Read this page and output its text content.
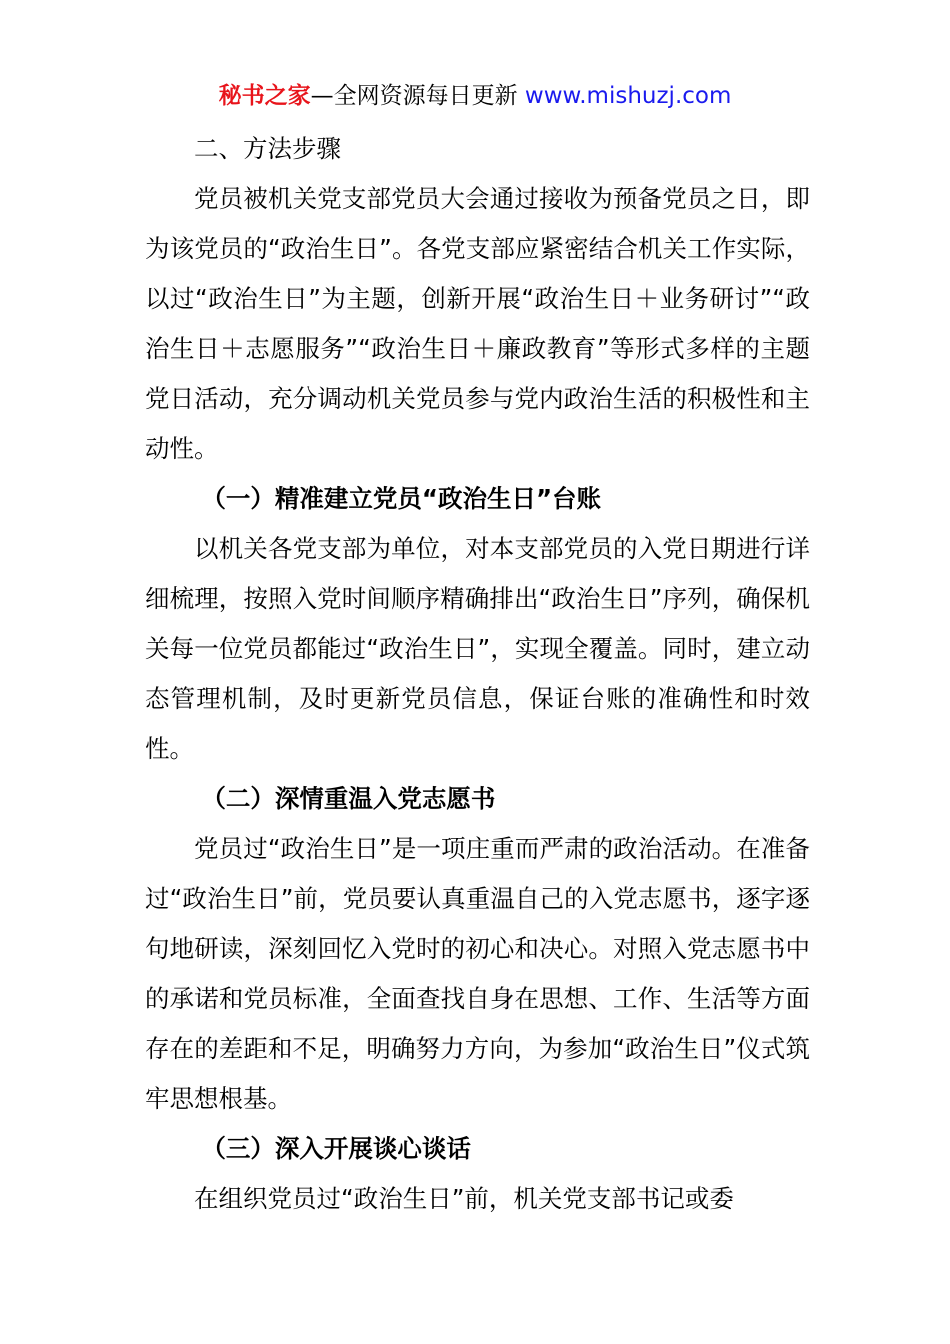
秘书之家—全网资源每日更新 www.mishuzj.com

二、方法步骤

党员被机关党支部党员大会通过接收为预备党员之日，即为该党员的“政治生日”。各党支部应紧密结合机关工作实际，以过“政治生日”为主题，创新开展“政治生日＋业务研讨”“政治生日＋志愿服务”“政治生日＋廉政教育”等形式多样的主题党日活动，充分调动机关党员参与党内政治生活的积极性和主动性。

（一）精准建立党员“政治生日”台账

以机关各党支部为单位，对本支部党员的入党日期进行详细梳理，按照入党时间顺序精确排出“政治生日”序列，确保机关每一位党员都能过“政治生日”，实现全覆盖。同时，建立动态管理机制，及时更新党员信息，保证台账的准确性和时效性。

（二）深情重温入党志愿书

党员过“政治生日”是一项庄重而严肃的政治活动。在准备过“政治生日”前，党员要认真重温自己的入党志愿书，逐字逐句地研读，深刻回忆入党时的初心和决心。对照入党志愿书中的承诺和党员标准，全面查找自身在思想、工作、生活等方面存在的差距和不足，明确努力方向，为参加“政治生日”仪式筑牢思想根基。

（三）深入开展谈心谈话

在组织党员过“政治生日”前，机关党支部书记或委
